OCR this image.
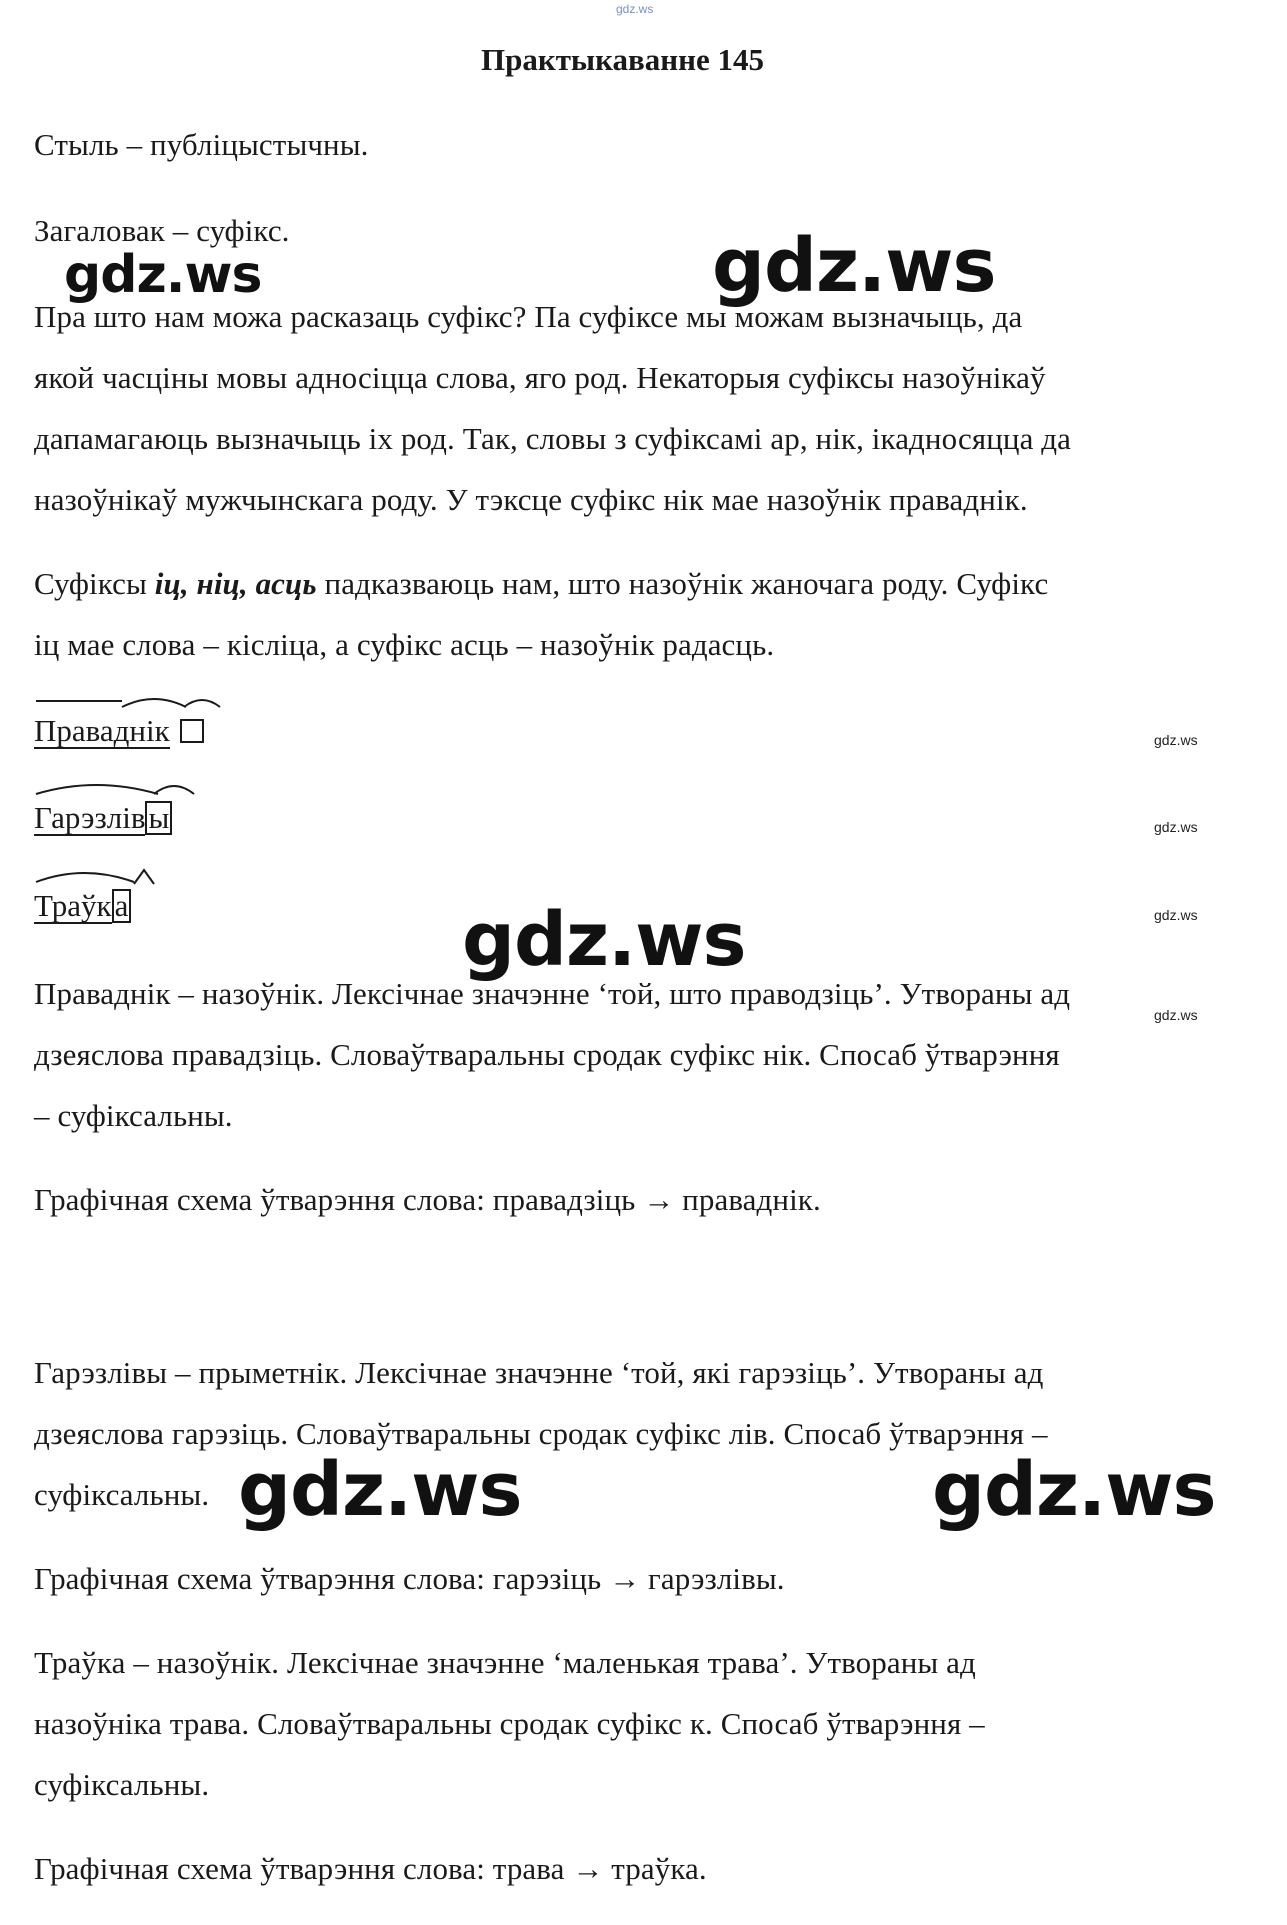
gdz.ws
Практыкаванне 145
Стыль – публіцыстычны.
Загаловак – суфікс.
Пра што нам можа расказаць суфікс? Па суфіксе мы можам вызначыць, да
якой часціны мовы адносіцца слова, яго род. Некаторыя суфіксы назоўнікаў
дапамагаюць вызначыць іх род. Так, словы з суфіксамі ар, нік, ікадносяцца да
назоўнікаў мужчынскага роду. У тэксце суфікс нік мае назоўнік праваднік.
Суфіксы іц, ніц, асць падказваюць нам, што назоўнік жаночага роду. Суфікс
іц мае слова – кісліца, а суфікс асць – назоўнік радасць.
Праваднік
Гарэзлівы
Траўка
Праваднік – назоўнік. Лексічнае значэнне ‘той, што праводзіць’. Утвораны ад
дзеяслова правадзіць. Словаўтваральны сродак суфікс нік. Спосаб ўтварэння
– суфіксальны.
Графічная схема ўтварэння слова: правадзіць → праваднік.
Гарэзлівы – прыметнік. Лексічнае значэнне ‘той, які гарэзіць’. Утвораны ад
дзеяслова гарэзіць. Словаўтваральны сродак суфікс лів. Спосаб ўтварэння –
суфіксальны.
Графічная схема ўтварэння слова: гарэзіць → гарэзлівы.
Траўка – назоўнік. Лексічнае значэнне ‘маленькая трава’. Утвораны ад
назоўніка трава. Словаўтваральны сродак суфікс к. Спосаб ўтварэння –
суфіксальны.
Графічная схема ўтварэння слова: трава → траўка.
gdz.ws	gdz.ws
gdz.ws
gdz.ws	gdz.ws
gdz.ws
gdz.ws
gdz.ws
gdz.ws
